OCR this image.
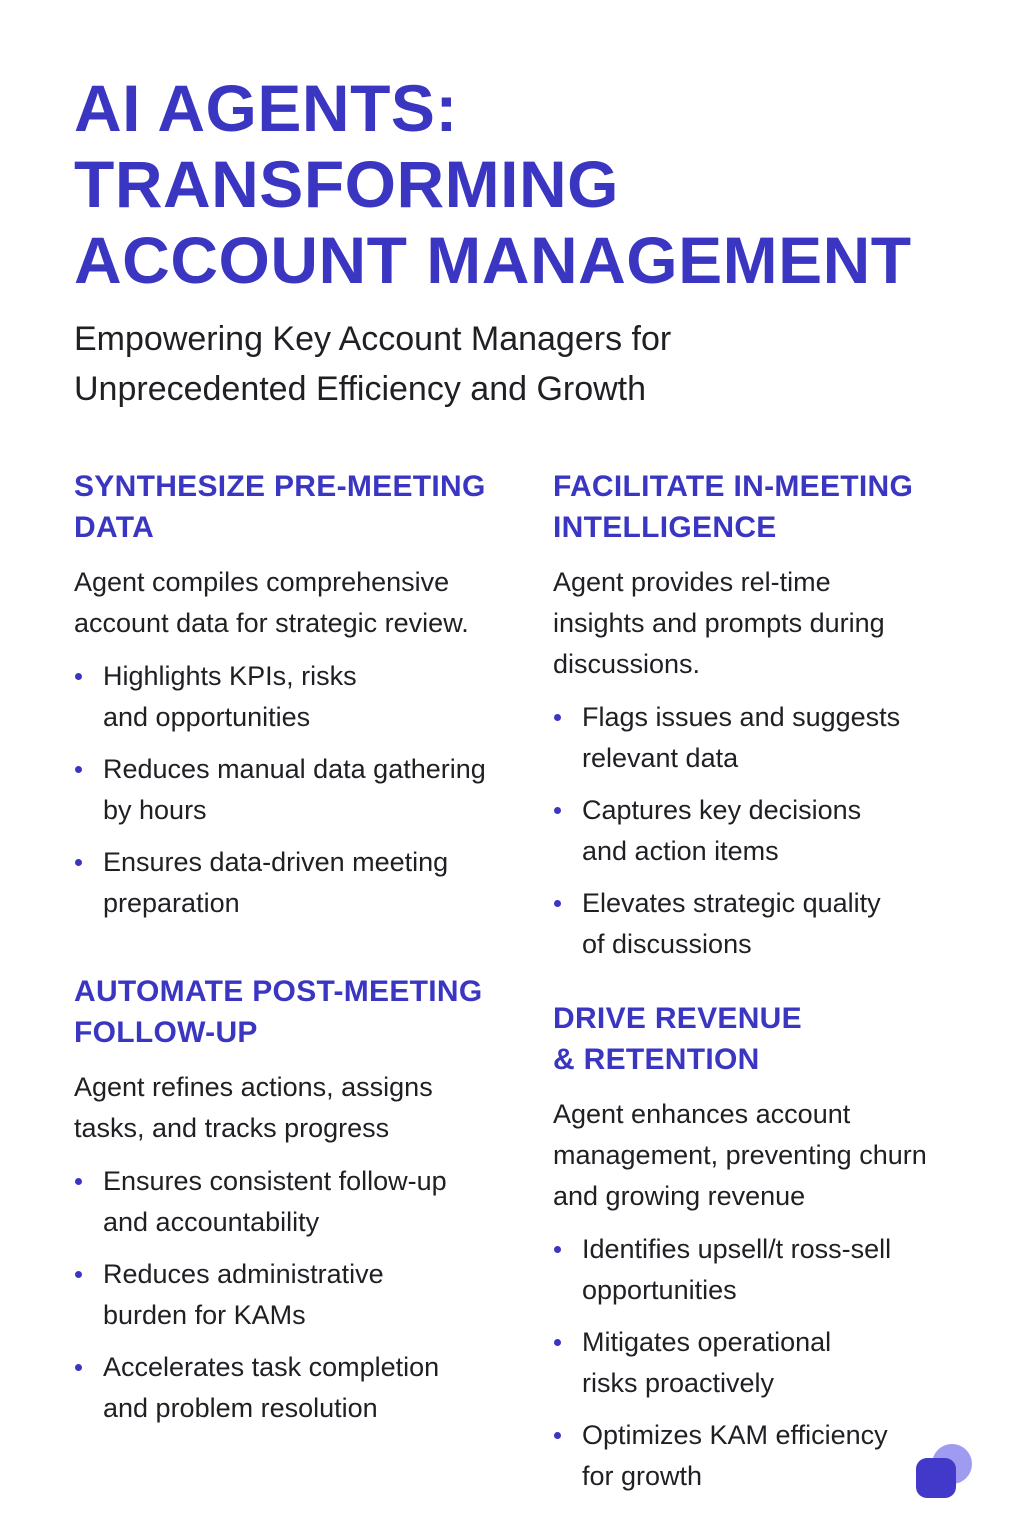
AI AGENTS:
TRANSFORMING
ACCOUNT MANAGEMENT

Empowering Key Account Managers for
Unprecedented Efficiency and Growth

SYNTHESIZE PRE-MEETING
DATA

Agent compiles comprehensive
account data for strategic review.

Highlights KPIs, risks
and opportunities
Reduces manual data gathering
by hours
Ensures data-driven meeting
preparation
FACILITATE IN-MEETING
INTELLIGENCE

Agent provides rel-time
insights and prompts during
discussions.

Flags issues and suggests
relevant data
Captures key decisions
and action items
Elevates strategic quality
of discussions
AUTOMATE POST-MEETING
FOLLOW-UP

Agent refines actions, assigns
tasks, and tracks progress

Ensures consistent follow-up
and accountability
Reduces administrative
burden for KAMs
Accelerates task completion
and problem resolution
DRIVE REVENUE
& RETENTION

Agent enhances account
management, preventing churn
and growing revenue

Identifies upsell/t ross-sell
opportunities
Mitigates operational
risks proactively
Optimizes KAM efficiency
for growth
